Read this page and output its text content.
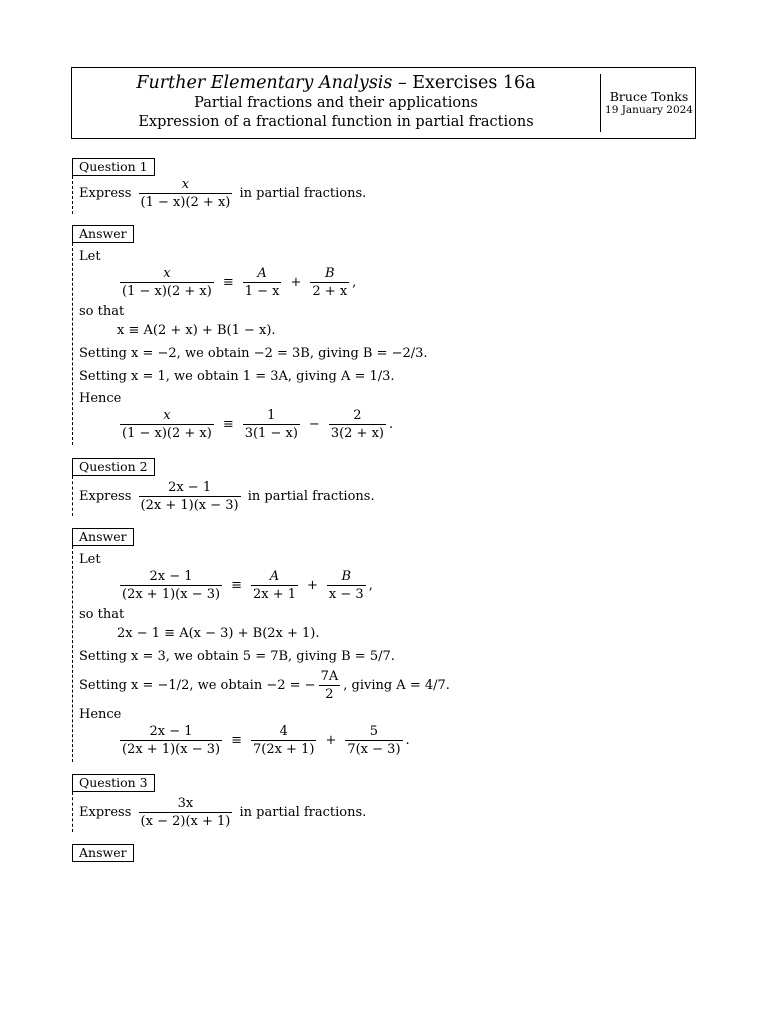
Further Elementary Analysis – Exercises 16a
Partial fractions and their applications
Expression of a fractional function in partial fractions
Bruce Tonks
19 January 2024
Question 1
Express $\frac{x}{(1 - x)(2 + x)}$ in partial fractions.
Answer
Let
$\frac{x}{(1 - x)(2 + x)} \equiv \frac{A}{1 - x} + \frac{B}{2 + x}$ ,
so that
x ≡ A(2 + x) + B(1 − x).
Setting x = −2, we obtain −2 = 3B, giving B = −2/3.
Setting x = 1, we obtain 1 = 3A, giving A = 1/3.
Hence
$\frac{x}{(1 - x)(2 + x)} \equiv \frac{1}{3(1 - x)} - \frac{2}{3(2 + x)}$ .
Question 2
Express $\frac{2x - 1}{(2x + 1)(x - 3)}$ in partial fractions.
Answer
Let
$\frac{2x - 1}{(2x + 1)(x - 3)} \equiv \frac{A}{2x + 1} + \frac{B}{x - 3}$ ,
so that
2x − 1 ≡ A(x − 3) + B(2x + 1).
Setting x = 3, we obtain 5 = 7B, giving B = 5/7.
Setting x = −1/2, we obtain −2 = − $\frac{7A}{2}$ , giving A = 4/7.
Hence
$\frac{2x - 1}{(2x + 1)(x - 3)} \equiv \frac{4}{7(2x + 1)} + \frac{5}{7(x - 3)}$ .
Question 3
Express $\frac{3x}{(x - 2)(x + 1)}$ in partial fractions.
Answer
